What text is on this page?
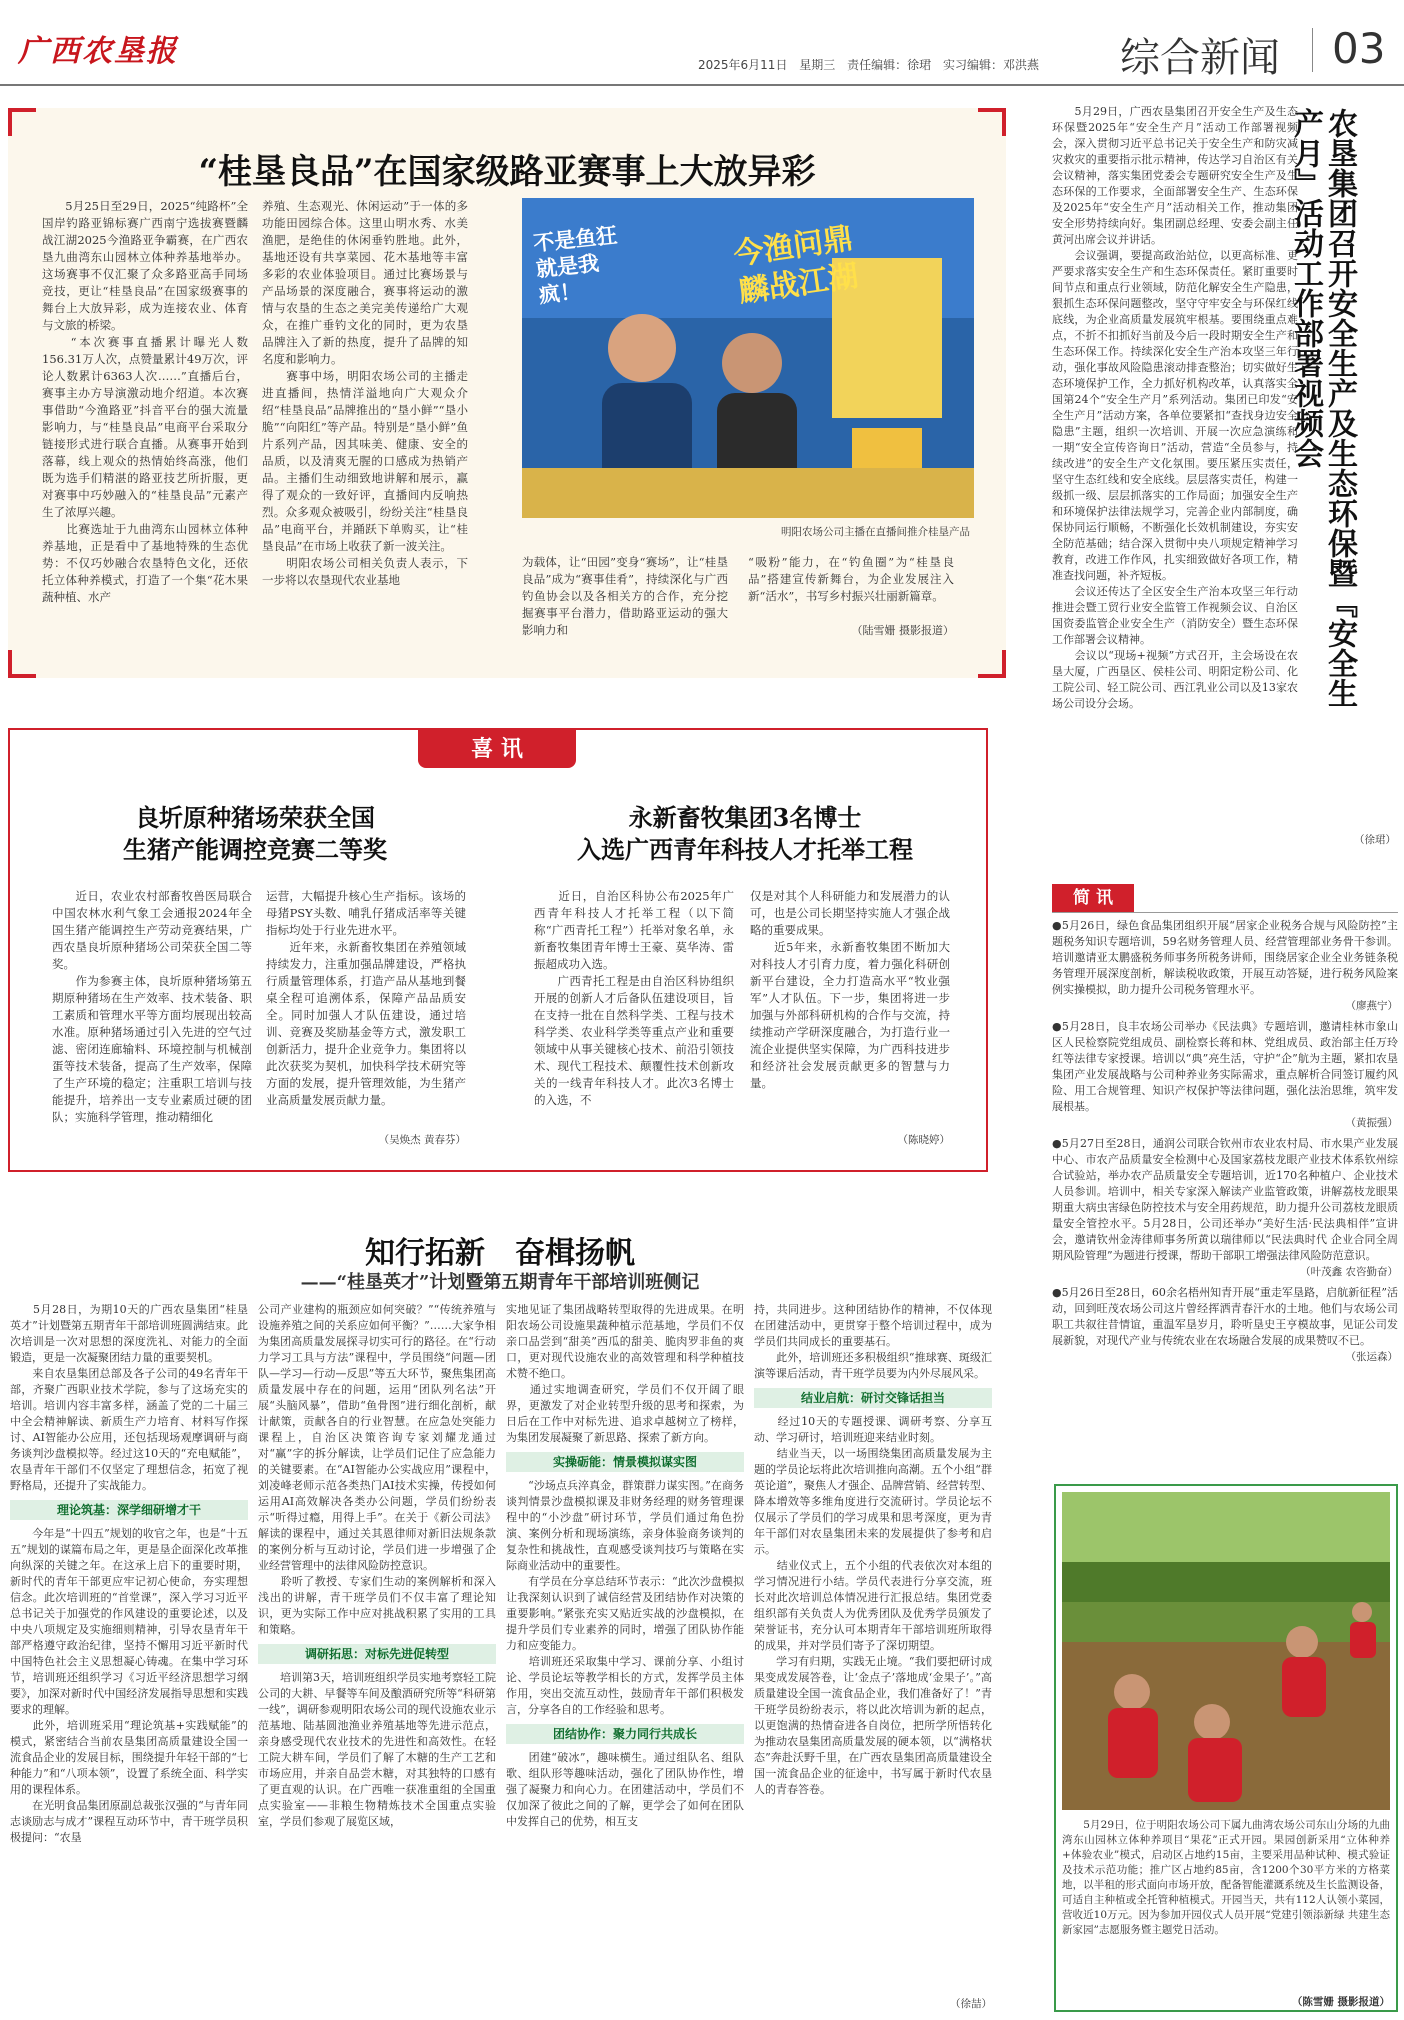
广西农垦报	2025年6月11日 星期三 责任编辑：徐珺 实习编辑：邓洪燕 综合新闻 03
“桂垦良品”在国家级路亚赛事上大放异彩
　　5月25日至29日，2025“纯路杯”全国岸钓路亚锦标赛广西南宁选拔赛暨麟战江湖2025今渔路亚争霸赛，在广西农垦九曲湾东山园林立体种养基地举办。这场赛事不仅汇聚了众多路亚高手同场竞技，更让“桂垦良品”在国家级赛事的舞台上大放异彩，成为连接农业、体育与文旅的桥梁。
　　“本次赛事直播累计曝光人数156.31万人次，点赞量累计49万次，评论人数累计6363人次……”直播后台，赛事主办方导演激动地介绍道。本次赛事借助“今渔路亚”抖音平台的强大流量影响力，与“桂垦良品”电商平台采取分链接形式进行联合直播。从赛事开始到落幕，线上观众的热情始终高涨，他们既为选手们精湛的路亚技艺所折服，更对赛事中巧妙融入的“桂垦良品”元素产生了浓厚兴趣。
　　比赛选址于九曲湾东山园林立体种养基地，正是看中了基地特殊的生态优势：不仅巧妙融合农垦特色文化，还依托立体种养模式，打造了一个集“花木果蔬种植、水产
养殖、生态观光、休闲运动”于一体的多功能田园综合体。这里山明水秀、水美渔肥，是绝佳的休闲垂钓胜地。此外，基地还设有共享菜园、花木基地等丰富多彩的农业体验项目。通过比赛场景与产品场景的深度融合，赛事将运动的激情与农垦的生态之美完美传递给广大观众，在推广垂钓文化的同时，更为农垦品牌注入了新的热度，提升了品牌的知名度和影响力。
　　赛事中场，明阳农场公司的主播走进直播间，热情洋溢地向广大观众介绍“桂垦良品”品牌推出的“垦小鲜”“垦小脆”“向阳红”等产品。特别是“垦小鲜”鱼片系列产品，因其味美、健康、安全的品质，以及清爽无腥的口感成为热销产品。主播们生动细致地讲解和展示，赢得了观众的一致好评，直播间内反响热烈。众多观众被吸引，纷纷关注“桂垦良品”电商平台，并踊跃下单购买，让“桂垦良品”在市场上收获了新一波关注。
　　明阳农场公司相关负责人表示，下一步将以农垦现代农业基地
不是鱼狂 就是我疯！
今渔问鼎 麟战江湖
明阳农场公司主播在直播间推介桂垦产品
为载体，让“田园”变身“赛场”，让“桂垦良品”成为“赛事佳肴”，持续深化与广西钓鱼协会以及各相关方的合作，充分挖掘赛事平台潜力，借助路亚运动的强大影响力和
“吸粉”能力，在“钓鱼圈”为“桂垦良品”搭建宣传新舞台，为企业发展注入新“活水”，书写乡村振兴壮丽新篇章。
（陆雪姗 摄影报道）	农垦集团召开安全生产及生态环保暨『安全生产月』活动工作部署视频会
　　5月29日，广西农垦集团召开安全生产及生态环保暨2025年“安全生产月”活动工作部署视频会，深入贯彻习近平总书记关于安全生产和防灾减灾救灾的重要指示批示精神，传达学习自治区有关会议精神，落实集团党委会专题研究安全生产及生态环保的工作要求，全面部署安全生产、生态环保及2025年“安全生产月”活动相关工作，推动集团安全形势持续向好。集团副总经理、安委会副主任黄河出席会议并讲话。
　　会议强调，要提高政治站位，以更高标准、更严要求落实安全生产和生态环保责任。紧盯重要时间节点和重点行业领域，防范化解安全生产隐患，狠抓生态环保问题整改，坚守守牢安全与环保红线底线，为企业高质量发展筑牢根基。要围绕重点难点，不折不扣抓好当前及今后一段时期安全生产和生态环保工作。持续深化安全生产治本攻坚三年行动，强化事故风险隐患滚动排查整治；切实做好生态环境保护工作，全力抓好机构改革，认真落实全国第24个“安全生产月”系列活动。集团已印发“安全生产月”活动方案，各单位要紧扣“查找身边安全隐患”主题，组织一次培训、开展一次应急演练和一期“安全宣传咨询日”活动，营造“全员参与，持续改进”的安全生产文化氛围。要压紧压实责任，坚守生态红线和安全底线。层层落实责任，构建一级抓一级、层层抓落实的工作局面；加强安全生产和环境保护法律法规学习，完善企业内部制度，确保协同运行顺畅，不断强化长效机制建设，夯实安全防范基础；结合深入贯彻中央八项规定精神学习教育，改进工作作风，扎实细致做好各项工作，精准查找问题，补齐短板。
　　会议还传达了全区安全生产治本攻坚三年行动推进会暨工贸行业安全监管工作视频会议、自治区国资委监管企业安全生产（消防安全）暨生态环保工作部署会议精神。
　　会议以“现场+视频”方式召开，主会场设在农垦大厦，广西垦区、侯桂公司、明阳定粉公司、化工院公司、轻工院公司、西江乳业公司以及13家农场公司设分会场。
（徐珺）
简 讯
●5月26日，绿色食品集团组织开展“居家企业税务合规与风险防控”主题税务知识专题培训，59名财务管理人员、经营管理部业务骨干参训。培训邀请亚太鹏盛税务师事务所税务讲师，围绕居家企业全业务链条税务管理开展深度剖析，解读税收政策，开展互动答疑，进行税务风险案例实操模拟，助力提升公司税务管理水平。
（廖燕宁）
●5月28日，良丰农场公司举办《民法典》专题培训，邀请桂林市象山区人民检察院党组成员、副检察长蒋和林、党组成员、政治部主任万玲红等法律专家授课。培训以“典”亮生活，守护“企”航为主题，紧扣农垦集团产业发展战略与公司种养业务实际需求，重点解析合同签订履约风险、用工合规管理、知识产权保护等法律问题，强化法治思维，筑牢发展根基。
（黄振强）
●5月27日至28日，通润公司联合钦州市农业农村局、市水果产业发展中心、市农产品质量安全检测中心及国家荔枝龙眼产业技术体系钦州综合试验站，举办农产品质量安全专题培训，近170名种植户、企业技术人员参训。培训中，相关专家深入解读产业监管政策，讲解荔枝龙眼果期重大病虫害绿色防控技术与安全用药规范，助力提升公司荔枝龙眼质量安全管控水平。5月28日，公司还举办“美好生活·民法典相伴”宣讲会，邀请钦州金涛律师事务所黄以瑞律师以“民法典时代 企业合同全周期风险管理”为题进行授课，帮助干部职工增强法律风险防范意识。
（叶茂鑫 农咨勤奋）
●5月26日至28日，60余名梧州知青开展“重走军垦路，启航新征程”活动，回到旺茂农场公司这片曾经挥洒青春汗水的土地。他们与农场公司职工共叙往昔情谊，重温军垦岁月，聆听垦史王亨模故事，见证公司发展新貌，对现代产业与传统农业在农场融合发展的成果赞叹不已。
（张运森）
　　5月29日，位于明阳农场公司下属九曲湾农场公司东山分场的九曲湾东山园林立体种养项目“果花”正式开园。果园创新采用“立体种养+体验农业”模式，启动区占地约15亩，主要采用品种试种、模式验证及技术示范功能；推广区占地约85亩，含1200个30平方米的方格菜地，以半租的形式面向市场开放，配备智能灌溉系统及生长监测设备，可适自主种植或全托管种植模式。开园当天，共有112人认领小菜园，营收近10万元。因为参加开园仪式人员开展“党建引领添新绿 共建生态新家园”志愿服务暨主题党日活动。
（陈雪姗 摄影报道）
喜 讯
良圻原种猪场荣获全国
生猪产能调控竞赛二等奖
　　近日，农业农村部畜牧兽医局联合中国农林水利气象工会通报2024年全国生猪产能调控生产劳动竞赛结果，广西农垦良圻原种猪场公司荣获全国二等奖。
　　作为参赛主体，良圻原种猪场第五期原种猪场在生产效率、技术装备、职工素质和管理水平等方面均展现出较高水准。原种猪场通过引入先进的空气过滤、密闭连廊输料、环境控制与机械剖蛋等技术装备，提高了生产效率，保障了生产环境的稳定；注重职工培训与技能提升，培养出一支专业素质过硬的团队；实施科学管理，推动精细化
运营，大幅提升核心生产指标。该场的母猪PSY头数、哺乳仔猪成活率等关键指标均处于行业先进水平。
　　近年来，永新畜牧集团在养殖领域持续发力，注重加强品牌建设，严格执行质量管理体系，打造产品从基地到餐桌全程可追溯体系，保障产品品质安全。同时加强人才队伍建设，通过培训、竞赛及奖励基金等方式，激发职工创新活力，提升企业竞争力。集团将以此次获奖为契机，加快科学技术研究等方面的发展，提升管理效能，为生猪产业高质量发展贡献力量。
（吴焕杰 黄春芬）
永新畜牧集团3名博士
入选广西青年科技人才托举工程
　　近日，自治区科协公布2025年广西青年科技人才托举工程（以下简称“广西青托工程”）托举对象名单，永新畜牧集团青年博士王豪、莫华涛、雷振超成功入选。
　　广西青托工程是由自治区科协组织开展的创新人才后备队伍建设项目，旨在支持一批在自然科学类、工程与技术科学类、农业科学类等重点产业和重要领域中从事关键核心技术、前沿引领技术、现代工程技术、颠覆性技术创新攻关的一线青年科技人才。此次3名博士的入选，不
仅是对其个人科研能力和发展潜力的认可，也是公司长期坚持实施人才强企战略的重要成果。
　　近5年来，永新畜牧集团不断加大对科技人才引育力度，着力强化科研创新平台建设，全力打造高水平“牧业强军”人才队伍。下一步，集团将进一步加强与外部科研机构的合作与交流，持续推动产学研深度融合，为打造行业一流企业提供坚实保障，为广西科技进步和经济社会发展贡献更多的智慧与力量。
（陈晓婷）
知行拓新　奋楫扬帆
——“桂垦英才”计划暨第五期青年干部培训班侧记
　　5月28日，为期10天的广西农垦集团“桂垦英才”计划暨第五期青年干部培训班圆满结束。此次培训是一次对思想的深度洗礼、对能力的全面锻造，更是一次凝聚团结力量的重要契机。
　　来自农垦集团总部及各子公司的49名青年干部，齐聚广西职业技术学院，参与了这场充实的培训。培训内容丰富多样，涵盖了党的二十届三中全会精神解读、新质生产力培育、材料写作探讨、AI智能办公应用，还包括现场观摩调研与商务谈判沙盘模拟等。经过这10天的“充电赋能”，农垦青年干部们不仅坚定了理想信念，拓宽了视野格局，还提升了实战能力。
理论筑基：深学细研增才干
　　今年是“十四五”规划的收官之年，也是“十五五”规划的谋篇布局之年，更是垦企面深化改革推向纵深的关键之年。在这承上启下的重要时期，新时代的青年干部更应牢记初心使命，夯实理想信念。此次培训班的“首堂课”，深入学习习近平总书记关于加强党的作风建设的重要论述，以及中央八项规定及实施细则精神，引导农垦青年干部严格遵守政治纪律，坚持不懈用习近平新时代中国特色社会主义思想凝心铸魂。在集中学习环节，培训班还组织学习《习近平经济思想学习纲要》，加深对新时代中国经济发展指导思想和实践要求的理解。
　　此外，培训班采用“理论筑基+实践赋能”的模式，紧密结合当前农垦集团高质量建设全国一流食品企业的发展目标，围绕提升年轻干部的“七种能力”和“八项本领”，设置了系统全面、科学实用的课程体系。
　　在光明食品集团原副总裁张汉强的“与青年同志谈励志与成才”课程互动环节中，青干班学员积极提问：“农垦
公司产业建构的瓶颈应如何突破？”“传统养殖与设施养殖之间的关系应如何平衡？”……大家争相为集团高质量发展探寻切实可行的路径。在“行动力学习工具与方法”课程中，学员围绕“问题—团队—学习—行动—反思”等五大环节，聚焦集团高质量发展中存在的问题，运用“团队列名法”开展“头脑风暴”，借助“鱼骨图”进行细化剖析，献计献策，贡献各自的行业智慧。在应急处突能力课程上，自治区决策咨询专家刘耀龙通过对“赢”字的拆分解读，让学员们记住了应急能力的关键要素。在“AI智能办公实战应用”课程中，刘凌峰老师示范各类热门AI技术实操，传授如何运用AI高效解决各类办公问题，学员们纷纷表示“听得过瘾，用得上手”。在关于《新公司法》解读的课程中，通过关其恩律师对新旧法规条款的案例分析与互动讨论，学员们进一步增强了企业经营管理中的法律风险防控意识。
　　聆听了教授、专家们生动的案例解析和深入浅出的讲解，青干班学员们不仅丰富了理论知识，更为实际工作中应对挑战积累了实用的工具和策略。
调研拓思：对标先进促转型
　　培训第3天，培训班组织学员实地考察轻工院公司的大耕、早餐等车间及酿酒研究所等“科研第一线”，调研参观明阳农场公司的现代设施农业示范基地、陆基圆池渔业养殖基地等先进示范点，亲身感受现代农业技术的先进性和高效性。在轻工院大耕车间，学员们了解了木糖的生产工艺和市场应用，并亲自品尝木糖，对其独特的口感有了更直观的认识。在广西唯一获准重组的全国重点实验室——非粮生物精炼技术全国重点实验室，学员们参观了展览区域，
实地见证了集团战略转型取得的先进成果。在明阳农场公司设施果蔬种植示范基地，学员们不仅亲口品尝到“甜美”西瓜的甜美、脆肉罗非鱼的爽口，更对现代设施农业的高效管理和科学种植技术赞不绝口。
　　通过实地调查研究，学员们不仅开阔了眼界，更激发了对企业转型升级的思考和探索，为日后在工作中对标先进、追求卓越树立了榜样，为集团发展凝聚了新思路、探索了新方向。
实操砺能：情景模拟谋实图
　　“沙场点兵淬真金，群策群力谋实图。”在商务谈判情景沙盘模拟课及非财务经理的财务管理课程中的“小沙盘”研讨环节，学员们通过角色扮演、案例分析和现场演练，亲身体验商务谈判的复杂性和挑战性，直观感受谈判技巧与策略在实际商业活动中的重要性。
　　有学员在分享总结环节表示：“此次沙盘模拟让我深刻认识到了诚信经营及团结协作对决策的重要影响。”紧张充实又贴近实战的沙盘模拟，在提升学员们专业素养的同时，增强了团队协作能力和应变能力。
　　培训班还采取集中学习、课前分享、小组讨论、学员论坛等教学相长的方式，发挥学员主体作用，突出交流互动性，鼓励青年干部们积极发言，分享各自的工作经验和思考。
团结协作：聚力同行共成长
　　团建“破冰”，趣味横生。通过组队名、组队歌、组队形等趣味活动，强化了团队协作性，增强了凝聚力和向心力。在团建活动中，学员们不仅加深了彼此之间的了解，更学会了如何在团队中发挥自己的优势，相互支
持，共同进步。这种团结协作的精神，不仅体现在团建活动中，更贯穿于整个培训过程中，成为学员们共同成长的重要基石。
　　此外，培训班还多积极组织“推球赛、斑级汇演等课后活动，青干班学员要为内外尽展风采。
结业启航：研讨交锋话担当
　　经过10天的专题授课、调研考察、分享互动、学习研讨，培训班迎来结业时刻。
　　结业当天，以一场围绕集团高质量发展为主题的学员论坛将此次培训推向高潮。五个小组“群英论道”，聚焦人才强企、品牌营销、经营转型、降本增效等多维角度进行交流研讨。学员论坛不仅展示了学员们的学习成果和思考深度，更为青年干部们对农垦集团未来的发展提供了参考和启示。
　　结业仪式上，五个小组的代表依次对本组的学习情况进行小结。学员代表进行分享交流，班长对此次培训总体情况进行汇报总结。集团党委组织部有关负责人为优秀团队及优秀学员颁发了荣誉证书，充分认可本期青年干部培训班所取得的成果，并对学员们寄予了深切期望。
　　学习有归期，实践无止境。“我们要把研讨成果变成发展答卷，让‘金点子’落地成‘金果子’。”高质量建设全国一流食品企业，我们准备好了！”青干班学员纷纷表示，将以此次培训为新的起点，以更饱满的热情奋进各自岗位，把所学所悟转化为推动农垦集团高质量发展的硬本领，以“满格状态”奔赴沃野千里，在广西农垦集团高质量建设全国一流食品企业的征途中，书写属于新时代农垦人的青春答卷。
（徐喆）
